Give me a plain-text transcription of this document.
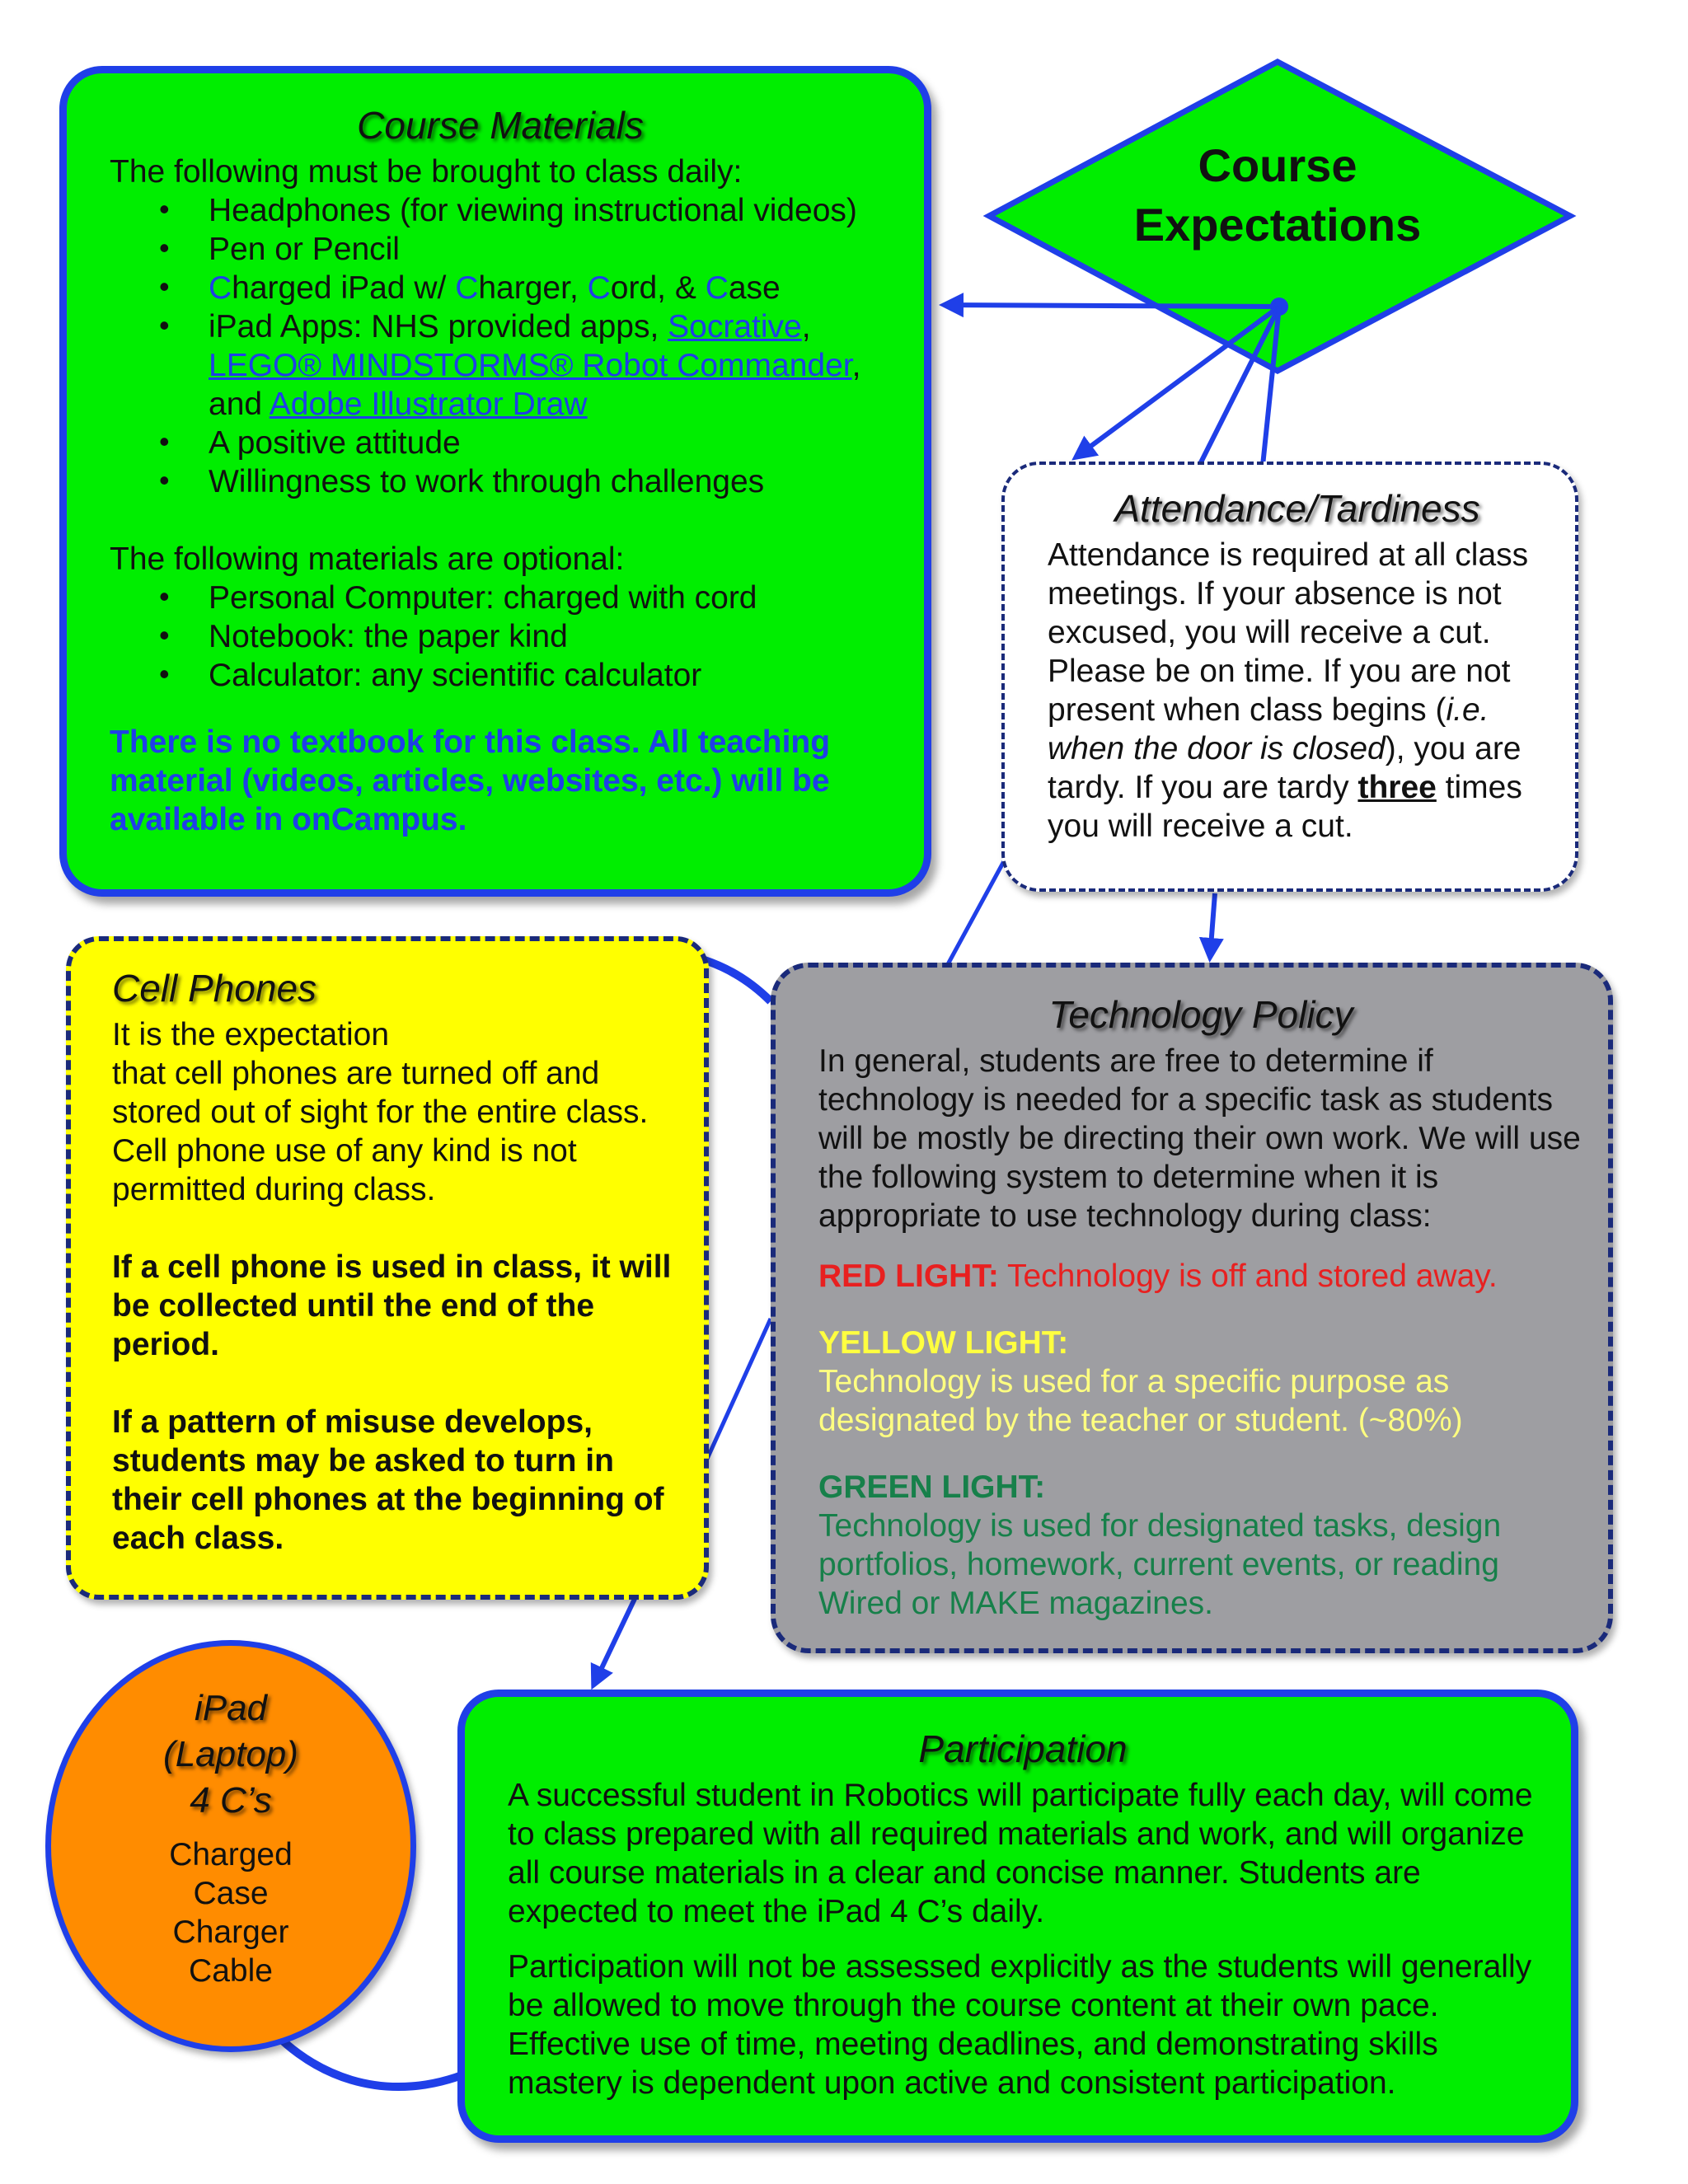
Course
Expectations
Course Materials

The following must be brought to class daily:

• Headphones (for viewing instructional videos)
• Pen or Pencil
• Charged iPad w/ Charger, Cord, & Case
• iPad Apps: NHS provided apps, Socrative,
LEGO® MINDSTORMS® Robot Commander,
and Adobe Illustrator Draw
• A positive attitude
• Willingness to work through challenges

The following materials are optional:

• Personal Computer: charged with cord
• Notebook: the paper kind
• Calculator: any scientific calculator

There is no textbook for this class. All teaching material (videos, articles, websites, etc.) will be available in onCampus.

Attendance/Tardiness

Attendance is required at all class meetings. If your absence is not excused, you will receive a cut. Please be on time. If you are not present when class begins (i.e. when the door is closed), you are tardy. If you are tardy three times you will receive a cut.

Cell Phones

It is the expectation

that cell phones are turned off and stored out of sight for the entire class. Cell phone use of any kind is not permitted during class.

If a cell phone is used in class, it will be collected until the end of the period.

If a pattern of misuse develops, students may be asked to turn in their cell phones at the beginning of each class.

Technology Policy

In general, students are free to determine if technology is needed for a specific task as students will be mostly be directing their own work. We will use the following system to determine when it is appropriate to use technology during class:

RED LIGHT: Technology is off and stored away.

YELLOW LIGHT:
Technology is used for a specific purpose as designated by the teacher or student. (~80%)

GREEN LIGHT:
Technology is used for designated tasks, design portfolios, homework, current events, or reading Wired or MAKE magazines.

iPad
(Laptop)
4 C’s
Charged
Case
Charger
Cable
Participation

A successful student in Robotics will participate fully each day, will come to class prepared with all required materials and work, and will organize all course materials in a clear and concise manner. Students are expected to meet the iPad 4 C’s daily.

Participation will not be assessed explicitly as the students will generally be allowed to move through the course content at their own pace. Effective use of time, meeting deadlines, and demonstrating skills mastery is dependent upon active and consistent participation.
